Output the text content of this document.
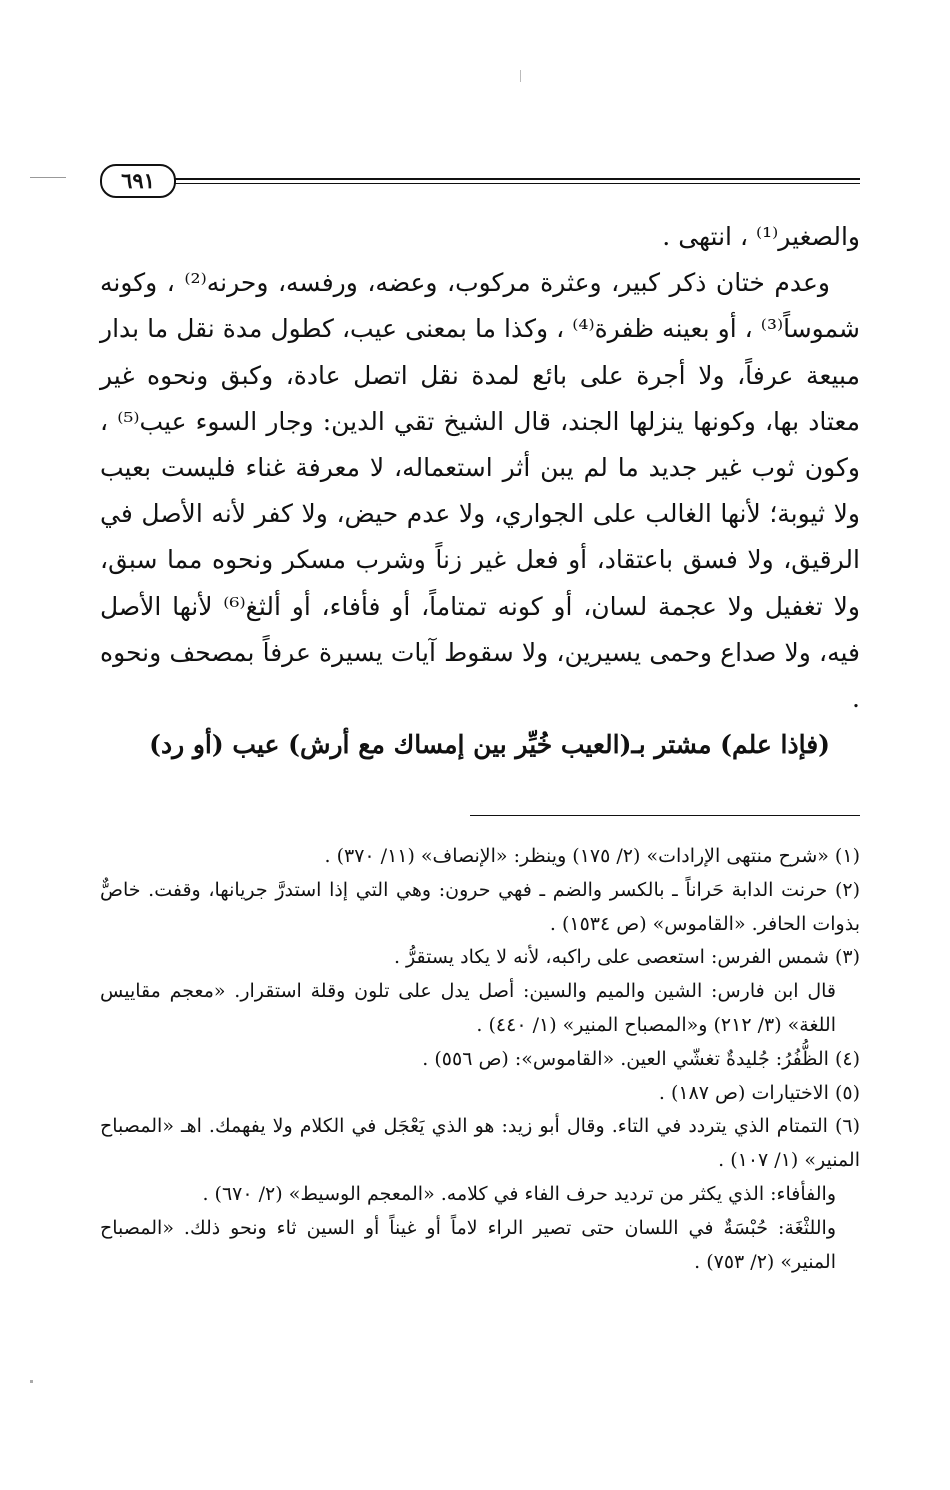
٦٩١

والصغير⁽¹⁾ ، انتهى .

وعدم ختان ذكر كبير، وعثرة مركوب، وعضه، ورفسه، وحرنه⁽²⁾ ، وكونه شموساً⁽³⁾ ، أو بعينه ظفرة⁽⁴⁾ ، وكذا ما بمعنى عيب، كطول مدة نقل ما بدار مبيعة عرفاً، ولا أجرة على بائع لمدة نقل اتصل عادة، وكبق ونحوه غير معتاد بها، وكونها ينزلها الجند، قال الشيخ تقي الدين: وجار السوء عيب⁽⁵⁾ ، وكون ثوب غير جديد ما لم يبن أثر استعماله، لا معرفة غناء فليست بعيب ولا ثيوبة؛ لأنها الغالب على الجواري، ولا عدم حيض، ولا كفر لأنه الأصل في الرقيق، ولا فسق باعتقاد، أو فعل غير زناً وشرب مسكر ونحوه مما سبق، ولا تغفيل ولا عجمة لسان، أو كونه تمتاماً، أو فأفاء، أو ألثغ⁽⁶⁾ لأنها الأصل فيه، ولا صداع وحمى يسيرين، ولا سقوط آيات يسيرة عرفاً بمصحف ونحوه .

(فإذا علم) مشتر بـ(العيب خُيِّر بين إمساك مع أرش) عيب (أو رد)

(١) «شرح منتهى الإرادات» (٢/ ١٧٥) وينظر: «الإنصاف» (١١/ ٣٧٠) .

(٢) حرنت الدابة حَراناً ـ بالكسر والضم ـ فهي حرون: وهي التي إذا استدرَّ جريانها، وقفت. خاصٌّ بذوات الحافر. «القاموس» (ص ١٥٣٤) .

(٣) شمس الفرس: استعصى على راكبه، لأنه لا يكاد يستقرُّ .

قال ابن فارس: الشين والميم والسين: أصل يدل على تلون وقلة استقرار. «معجم مقاييس اللغة» (٣/ ٢١٢) و«المصباح المنير» (١/ ٤٤٠) .

(٤) الظُّفُرُ: جُليدةٌ تغشّي العين. «القاموس»: (ص ٥٥٦) .

(٥) الاختيارات (ص ١٨٧) .

(٦) التمتام الذي يتردد في التاء. وقال أبو زيد: هو الذي يَعْجَل في الكلام ولا يفهمك. اهـ «المصباح المنير» (١/ ١٠٧) .

والفأفاء: الذي يكثر من ترديد حرف الفاء في كلامه. «المعجم الوسيط» (٢/ ٦٧٠) .

واللثْغَة: حُبْسَةٌ في اللسان حتى تصير الراء لاماً أو غيناً أو السين ثاء ونحو ذلك. «المصباح المنير» (٢/ ٧٥٣) .
